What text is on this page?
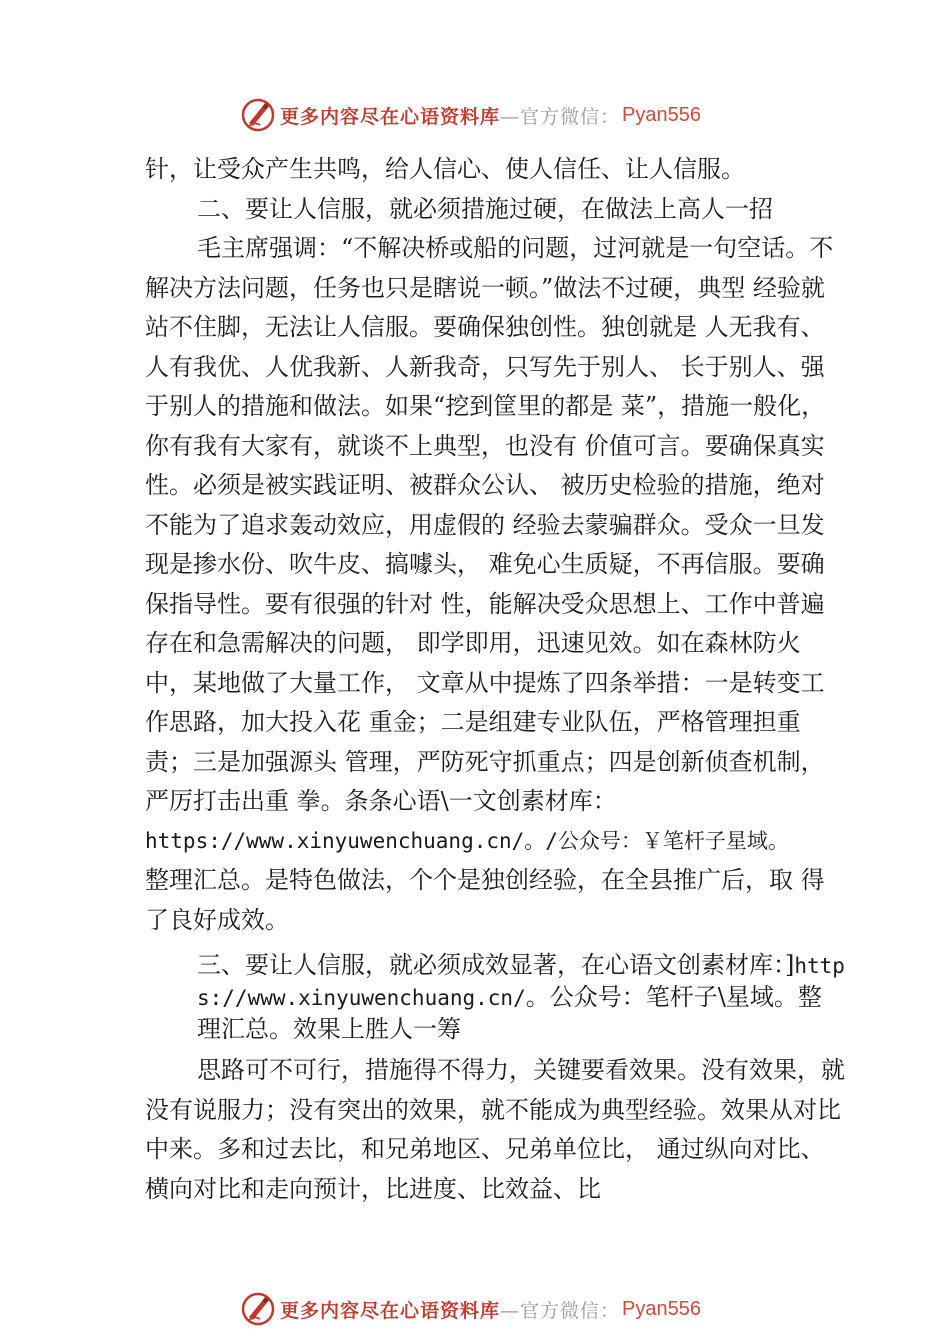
更多内容尽在心语资料库 —官方微信： Pyan556

针，让受众产生共鸣，给人信心、使人信任、让人信服。

二、要让人信服，就必须措施过硬，在做法上高人一招

毛主席强调：“不解决桥或船的问题，过河就是一句空话。不解决方法问题，任务也只是瞎说一顿。”做法不过硬，典型 经验就站不住脚，无法让人信服。要确保独创性。独创就是 人无我有、人有我优、人优我新、人新我奇，只写先于别人、 长于别人、强于别人的措施和做法。如果“挖到筐里的都是 菜”，措施一般化，你有我有大家有，就谈不上典型，也没有 价值可言。要确保真实性。必须是被实践证明、被群众公认、 被历史检验的措施，绝对不能为了追求轰动效应，用虚假的 经验去蒙骗群众。受众一旦发现是掺水份、吹牛皮、搞噱头， 难免心生质疑，不再信服。要确保指导性。要有很强的针对 性，能解决受众思想上、工作中普遍存在和急需解决的问题， 即学即用，迅速见效。如在森林防火中，某地做了大量工作， 文章从中提炼了四条举措：一是转变工作思路，加大投入花 重金；二是组建专业队伍，严格管理担重责；三是加强源头 管理，严防死守抓重点；四是创新侦查机制，严厉打击出重 拳。条条心语\一文创素材库：

https://www.xinyuwenchuang.cn/。/公众号：￥笔杆子星域。

整理汇总。是特色做法，个个是独创经验，在全县推广后，取 得了良好成效。

三、要让人信服，就必须成效显著，在心语文创素材库：]https://www.xinyuwenchuang.cn/。公众号：笔杆子\星域。整理汇总。效果上胜人一筹

思路可不可行，措施得不得力，关键要看效果。没有效果，就没有说服力；没有突出的效果，就不能成为典型经验。效果从对比中来。多和过去比，和兄弟地区、兄弟单位比， 通过纵向对比、横向对比和走向预计，比进度、比效益、比

更多内容尽在心语资料库 —官方微信： Pyan556
